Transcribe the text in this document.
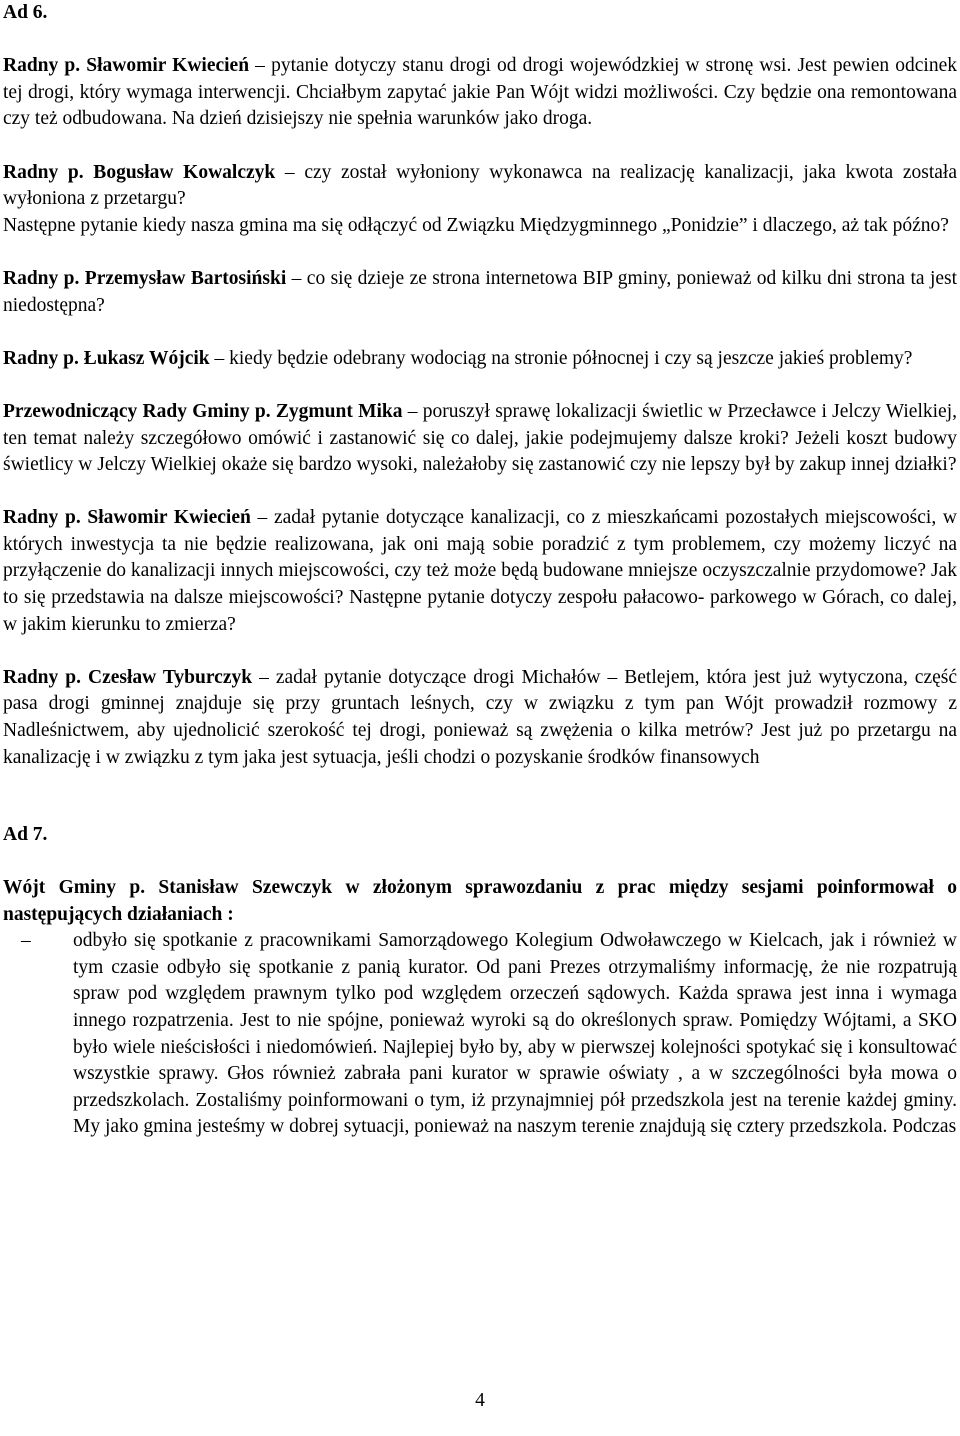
Ad 6.

Radny p. Sławomir Kwiecień – pytanie dotyczy stanu drogi od drogi wojewódzkiej w stronę wsi. Jest pewien odcinek tej drogi, który wymaga interwencji. Chciałbym zapytać jakie Pan Wójt widzi możliwości. Czy będzie ona remontowana czy też odbudowana. Na dzień dzisiejszy nie spełnia warunków jako droga.

Radny p. Bogusław Kowalczyk – czy został wyłoniony wykonawca na realizację kanalizacji, jaka kwota została wyłoniona z przetargu?

Następne pytanie kiedy nasza gmina ma się odłączyć od Związku Międzygminnego „Ponidzie” i dlaczego, aż tak późno?

Radny p. Przemysław Bartosiński – co się dzieje ze strona internetowa BIP gminy, ponieważ od kilku dni strona ta jest niedostępna?

Radny p. Łukasz Wójcik – kiedy będzie odebrany wodociąg na stronie północnej i czy są jeszcze jakieś problemy?

Przewodniczący Rady Gminy p. Zygmunt Mika – poruszył sprawę lokalizacji świetlic w Przecławce i Jelczy Wielkiej, ten temat należy szczegółowo omówić i zastanowić się co dalej, jakie podejmujemy dalsze kroki? Jeżeli koszt budowy świetlicy w Jelczy Wielkiej okaże się bardzo wysoki, należałoby się zastanowić czy nie lepszy był by zakup innej działki?

Radny p. Sławomir Kwiecień – zadał pytanie dotyczące kanalizacji, co z mieszkańcami pozostałych miejscowości, w których inwestycja ta nie będzie realizowana, jak oni mają sobie poradzić z tym problemem, czy możemy liczyć na przyłączenie do kanalizacji innych miejscowości, czy też może będą budowane mniejsze oczyszczalnie przydomowe? Jak to się przedstawia na dalsze miejscowości? Następne pytanie dotyczy zespołu pałacowo- parkowego w Górach, co dalej, w jakim kierunku to zmierza?

Radny p. Czesław Tyburczyk – zadał pytanie dotyczące drogi Michałów – Betlejem, która jest już wytyczona, część pasa drogi gminnej znajduje się przy gruntach leśnych, czy w związku z tym pan Wójt prowadził rozmowy z Nadleśnictwem, aby ujednolicić szerokość tej drogi, ponieważ są zwężenia o kilka metrów? Jest już po przetargu na kanalizację i w związku z tym jaka jest sytuacja, jeśli chodzi o pozyskanie środków finansowych

Ad 7.

Wójt Gminy p. Stanisław Szewczyk w złożonym sprawozdaniu z prac między sesjami poinformował o następujących działaniach :

– odbyło się spotkanie z pracownikami Samorządowego Kolegium Odwoławczego w Kielcach, jak i również w tym czasie odbyło się spotkanie z panią kurator. Od pani Prezes otrzymaliśmy informację, że nie rozpatrują spraw pod względem prawnym tylko pod względem orzeczeń sądowych. Każda sprawa jest inna i wymaga innego rozpatrzenia. Jest to nie spójne, ponieważ wyroki są do określonych spraw. Pomiędzy Wójtami, a SKO było wiele nieścisłości i niedomówień. Najlepiej było by, aby w pierwszej kolejności spotykać się i konsultować wszystkie sprawy. Głos również zabrała pani kurator w sprawie oświaty , a w szczególności była mowa o przedszkolach. Zostaliśmy poinformowani o tym, iż przynajmniej pół przedszkola jest na terenie każdej gminy. My jako gmina jesteśmy w dobrej sytuacji, ponieważ na naszym terenie znajdują się cztery przedszkola. Podczas
4
